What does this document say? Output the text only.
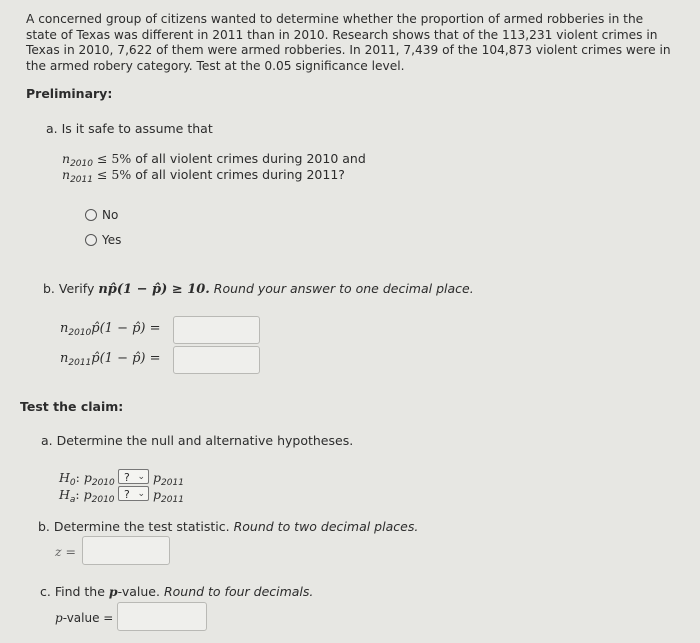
A concerned group of citizens wanted to determine whether the proportion of armed robberies in the state of Texas was different in 2011 than in 2010. Research shows that of the 113,231 violent crimes in Texas in 2010, 7,622 of them were armed robberies. In 2011, 7,439 of the 104,873 violent crimes were in the armed robery category. Test at the 0.05 significance level.
Preliminary:
a. Is it safe to assume that
$n_{2010} \le 5\%$ of all violent crimes during 2010 and
$n_{2011} \le 5\%$ of all violent crimes during 2011?
No
Yes
b. Verify np̂(1 − p̂) ≥ 10. Round your answer to one decimal place.
$n_{2010}p̂(1$ − p̂) =
$n_{2011}p̂(1$ − p̂) =
Test the claim:
a. Determine the null and alternative hypotheses.
$H_0$: $p_{2010}$ ? ⌄ $p_{2011}$
$H_a$: $p_{2010}$ ? ⌄ $p_{2011}$
b. Determine the test statistic. Round to two decimal places.
z =
c. Find the p-value. Round to four decimals.
p-value =
